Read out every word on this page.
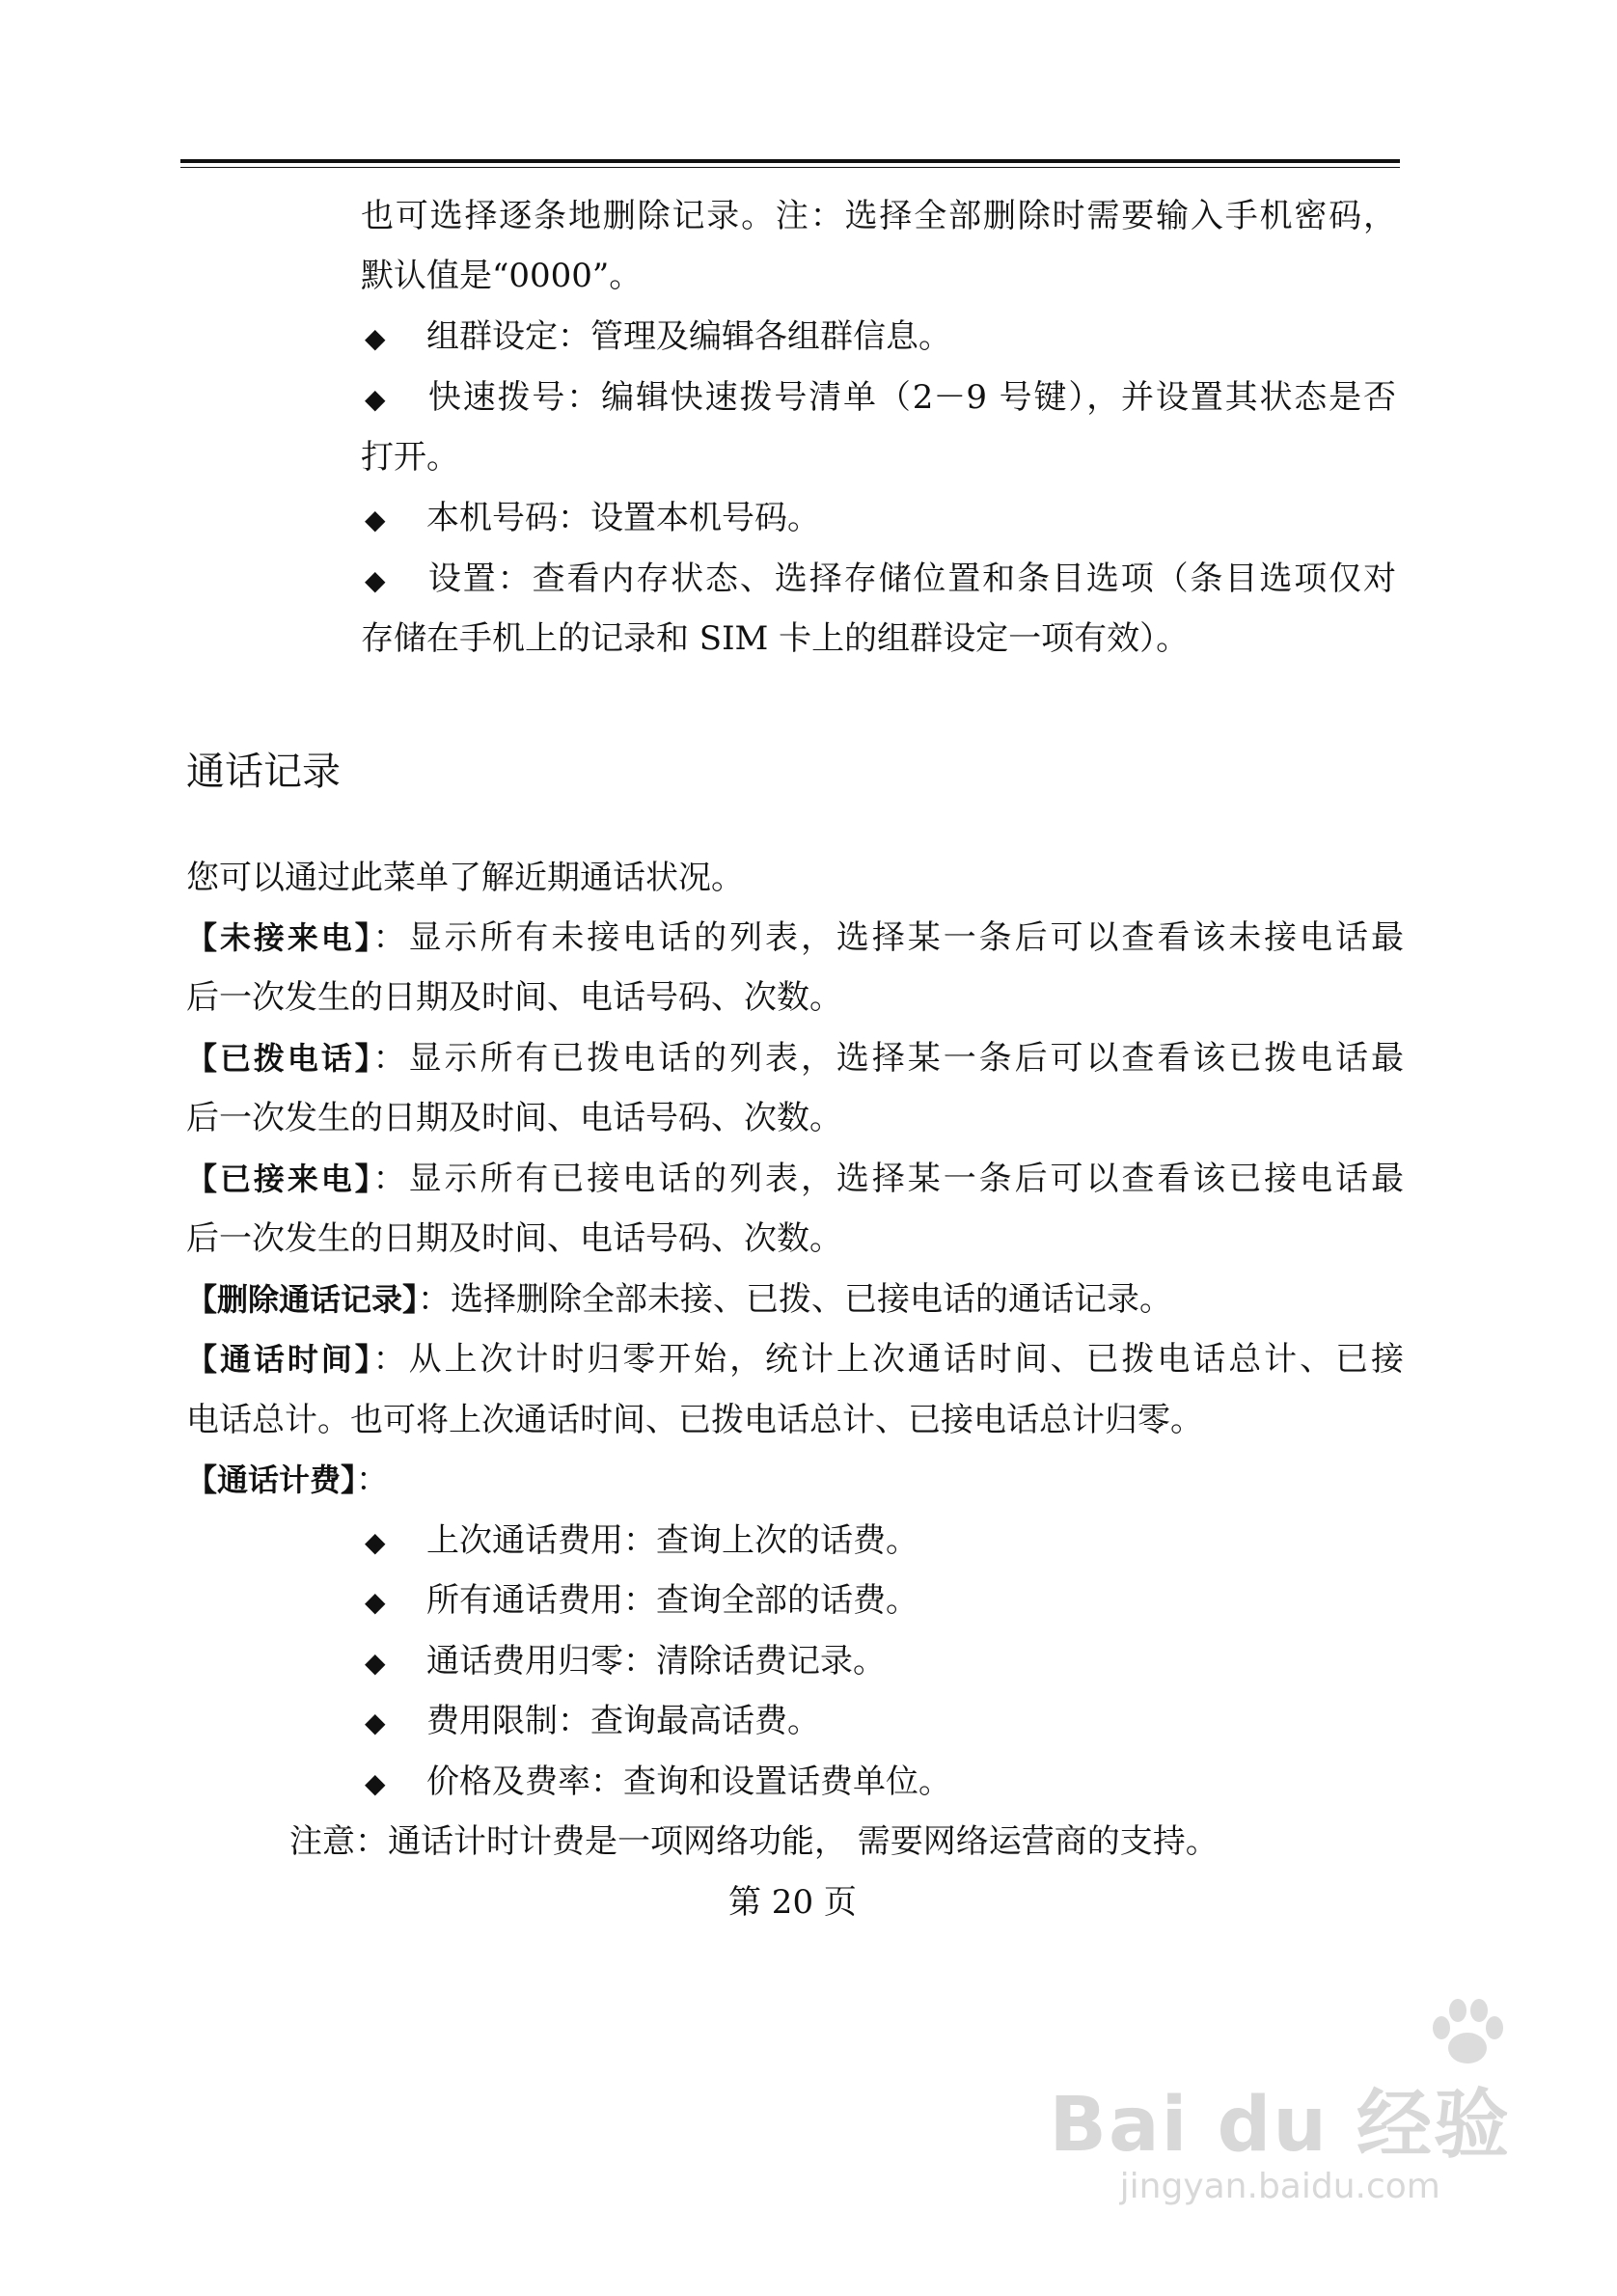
也可选择逐条地删除记录。注：选择全部删除时需要输入手机密码，
默认值是“0000”。
◆ 组群设定：管理及编辑各组群信息。
◆ 快速拨号：编辑快速拨号清单（2－9 号键），并设置其状态是否
打开。
◆ 本机号码：设置本机号码。
◆ 设置：查看内存状态、选择存储位置和条目选项（条目选项仅对
存储在手机上的记录和 SIM 卡上的组群设定一项有效）。
通话记录
您可以通过此菜单了解近期通话状况。
【未接来电】：显示所有未接电话的列表，选择某一条后可以查看该未接电话最
后一次发生的日期及时间、电话号码、次数。
【已拨电话】：显示所有已拨电话的列表，选择某一条后可以查看该已拨电话最
后一次发生的日期及时间、电话号码、次数。
【已接来电】：显示所有已接电话的列表，选择某一条后可以查看该已接电话最
后一次发生的日期及时间、电话号码、次数。
【删除通话记录】：选择删除全部未接、已拨、已接电话的通话记录。
【通话时间】：从上次计时归零开始，统计上次通话时间、已拨电话总计、已接
电话总计。也可将上次通话时间、已拨电话总计、已接电话总计归零。
【通话计费】：
◆ 上次通话费用：查询上次的话费。
◆ 所有通话费用：查询全部的话费。
◆ 通话费用归零：清除话费记录。
◆ 费用限制：查询最高话费。
◆ 价格及费率：查询和设置话费单位。
注意：通话计时计费是一项网络功能， 需要网络运营商的支持。
第 20 页
Bai du 经验
jingyan.baidu.com
